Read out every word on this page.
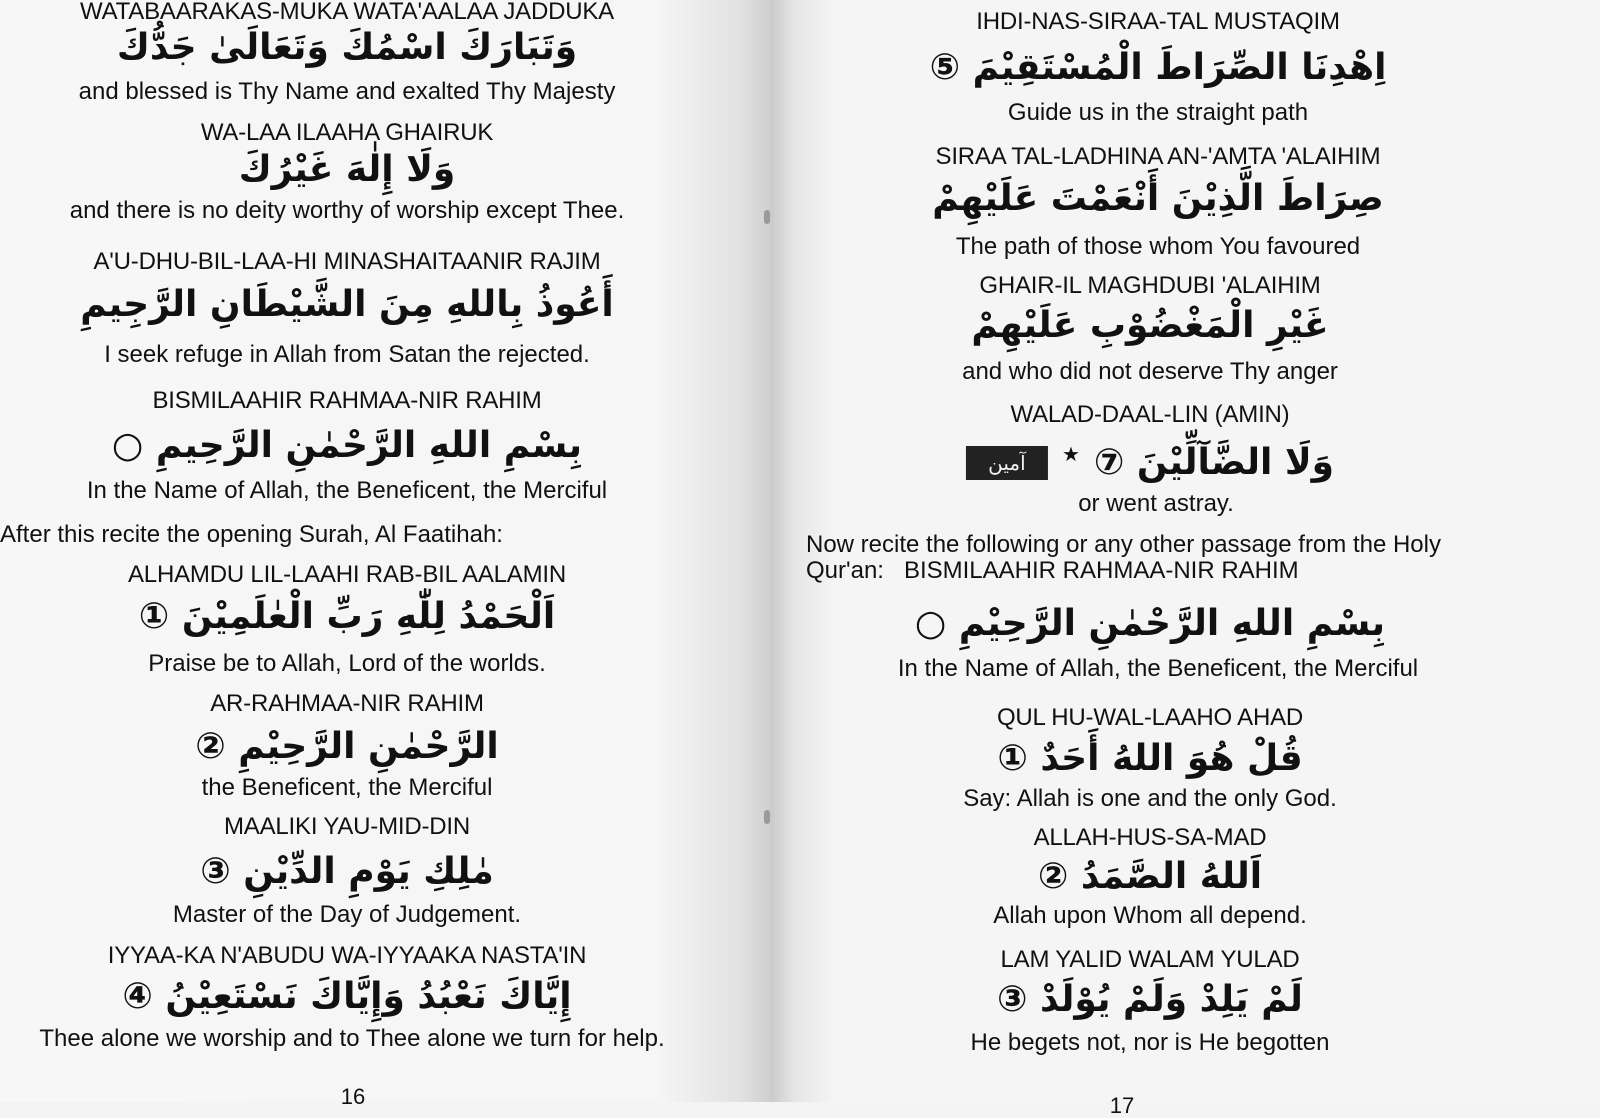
WATABAARAKAS-MUKA WATA'AALAA JADDUKA
وَتَبَارَكَ اسْمُكَ وَتَعَالَىٰ جَدُّكَ
and blessed is Thy Name and exalted Thy Majesty
WA-LAA ILAAHA GHAIRUK
وَلَا إِلٰهَ غَيْرُكَ
and there is no deity worthy of worship except Thee.
A'U-DHU-BIL-LAA-HI MINASHAITAANIR RAJIM
أَعُوذُ بِاللهِ مِنَ الشَّيْطَانِ الرَّجِيمِ
I seek refuge in Allah from Satan the rejected.
BISMILAAHIR RAHMAA-NIR RAHIM
بِسْمِ اللهِ الرَّحْمٰنِ الرَّحِيمِ ○
In the Name of Allah, the Beneficent, the Merciful
After this recite the opening Surah, Al Faatihah:
ALHAMDU LIL-LAAHI RAB-BIL AALAMIN
اَلْحَمْدُ لِلّٰهِ رَبِّ الْعٰلَمِيْنَ ①
Praise be to Allah, Lord of the worlds.
AR-RAHMAA-NIR RAHIM
الرَّحْمٰنِ الرَّحِيْمِ ②
the Beneficent, the Merciful
MAALIKI YAU-MID-DIN
مٰلِكِ يَوْمِ الدِّيْنِ ③
Master of the Day of Judgement.
IYYAA-KA N'ABUDU WA-IYYAAKA NASTA'IN
إِيَّاكَ نَعْبُدُ وَإِيَّاكَ نَسْتَعِيْنُ ④
Thee alone we worship and to Thee alone we turn for help.
16
IHDI-NAS-SIRAA-TAL MUSTAQIM
اِهْدِنَا الصِّرَاطَ الْمُسْتَقِيْمَ ⑤
Guide us in the straight path
SIRAA TAL-LADHINA AN-'AMTA 'ALAIHIM
صِرَاطَ الَّذِيْنَ أَنْعَمْتَ عَلَيْهِمْ
The path of those whom You favoured
GHAIR-IL MAGHDUBI 'ALAIHIM
غَيْرِ الْمَغْضُوْبِ عَلَيْهِمْ
and who did not deserve Thy anger
WALAD-DAAL-LIN (AMIN)
آمين	★ وَلَا الضَّآلِّيْنَ ⑦
or went astray.
Now recite the following or any other passage from the Holy
Qur'an:   BISMILAAHIR RAHMAA-NIR RAHIM
بِسْمِ اللهِ الرَّحْمٰنِ الرَّحِيْمِ ○
In the Name of Allah, the Beneficent, the Merciful
QUL HU-WAL-LAAHO AHAD
قُلْ هُوَ اللهُ أَحَدٌ ①
Say: Allah is one and the only God.
ALLAH-HUS-SA-MAD
اَللهُ الصَّمَدُ ②
Allah upon Whom all depend.
LAM YALID WALAM YULAD
لَمْ يَلِدْ وَلَمْ يُوْلَدْ ③
He begets not, nor is He begotten
17
